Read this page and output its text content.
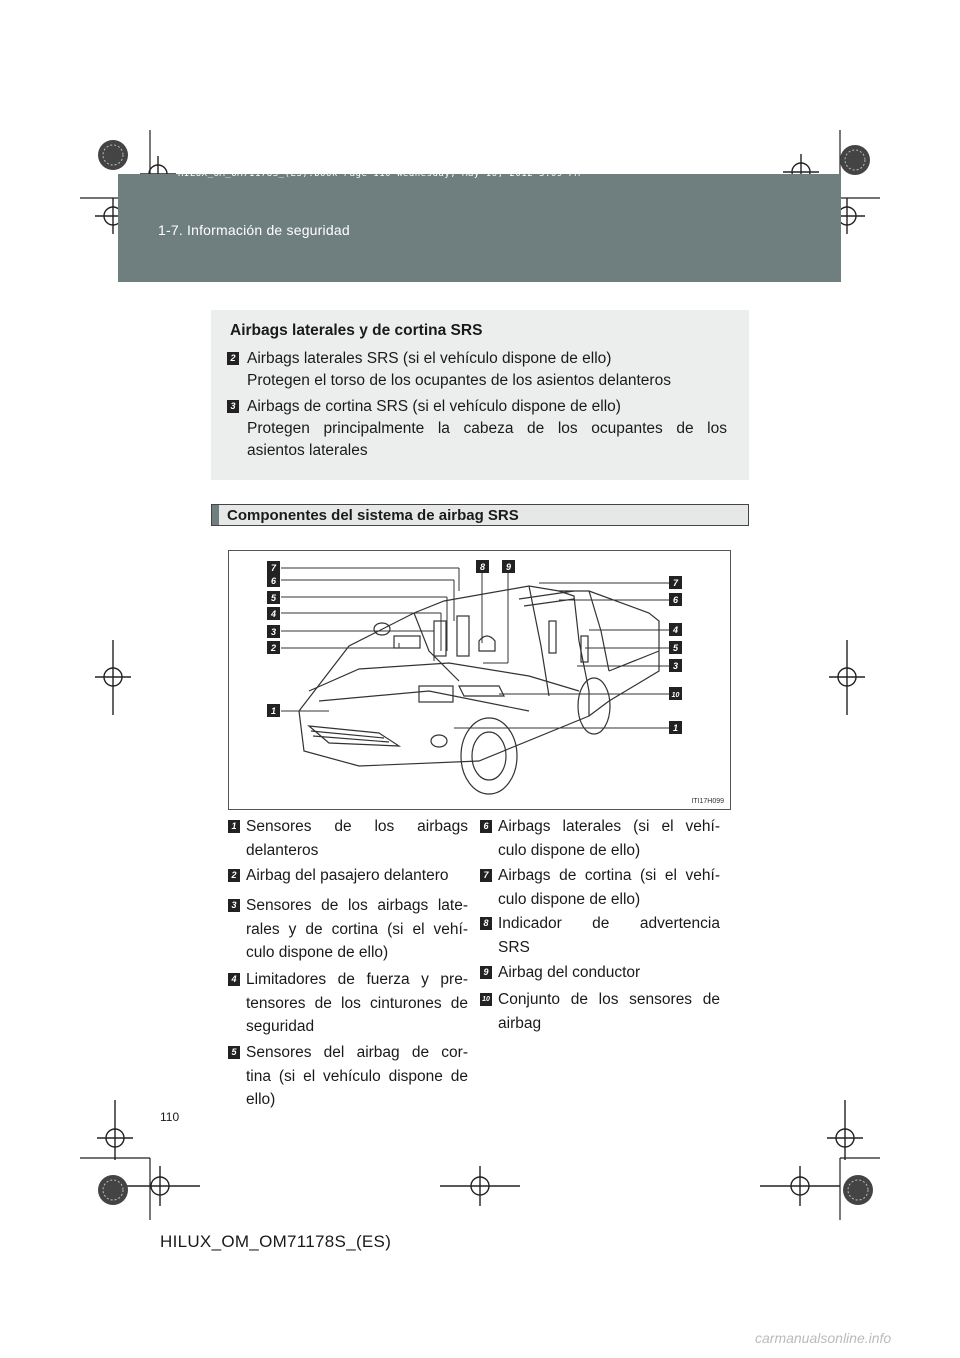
1-7. Información de seguridad
HILUX_OM_OM71178S_(ES).book Page 110 Wednesday, May 16, 2012 3:09 PM
Airbags laterales y de cortina SRS
2 Airbags laterales SRS (si el vehículo dispone de ello)
Protegen el torso de los ocupantes de los asientos delanteros
3 Airbags de cortina SRS (si el vehículo dispone de ello)
Protegen principalmente la cabeza de los ocupantes de los
asientos laterales
Componentes del sistema de airbag SRS
7
6
5
4
3
2
1
8 9
7
6
4
5
3
10
1
ITI17H099
1 Sensores de los airbags
delanteros
2 Airbag del pasajero delantero
3 Sensores de los airbags late-
rales y de cortina (si el vehí-
culo dispone de ello)
4 Limitadores de fuerza y pre-
tensores de los cinturones de
seguridad
5 Sensores del airbag de cor-
tina (si el vehículo dispone de
ello)
6 Airbags laterales (si el vehí-
culo dispone de ello)
7 Airbags de cortina (si el vehí-
culo dispone de ello)
8 Indicador de advertencia
SRS
9 Airbag del conductor
10 Conjunto de los sensores de
airbag
110
HILUX_OM_OM71178S_(ES)
carmanualsonline.info
